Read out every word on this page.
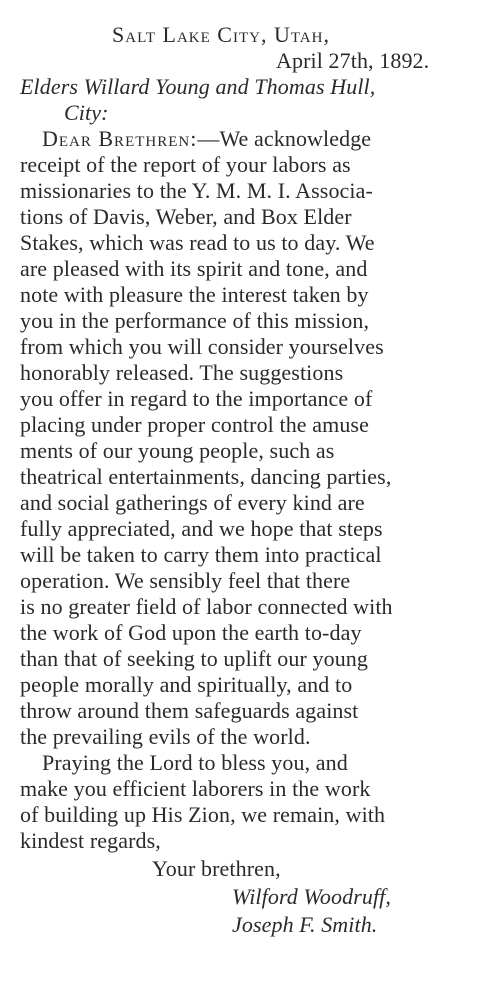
Salt Lake City, Utah,
April 27th, 1892.
Elders Willard Young and Thomas Hull,
City:
Dear Brethren:—We acknowledge
receipt of the report of your labors as
missionaries to the Y. M. M. I. Associa-
tions of Davis, Weber, and Box Elder
Stakes, which was read to us to day. We
are pleased with its spirit and tone, and
note with pleasure the interest taken by
you in the performance of this mission,
from which you will consider yourselves
honorably released. The suggestions
you offer in regard to the importance of
placing under proper control the amuse
ments of our young people, such as
theatrical entertainments, dancing parties,
and social gatherings of every kind are
fully appreciated, and we hope that steps
will be taken to carry them into practical
operation. We sensibly feel that there
is no greater field of labor connected with
the work of God upon the earth to-day
than that of seeking to uplift our young
people morally and spiritually, and to
throw around them safeguards against
the prevailing evils of the world.
Praying the Lord to bless you, and
make you efficient laborers in the work
of building up His Zion, we remain, with
kindest regards,
Your brethren,
Wilford Woodruff,
Joseph F. Smith.
